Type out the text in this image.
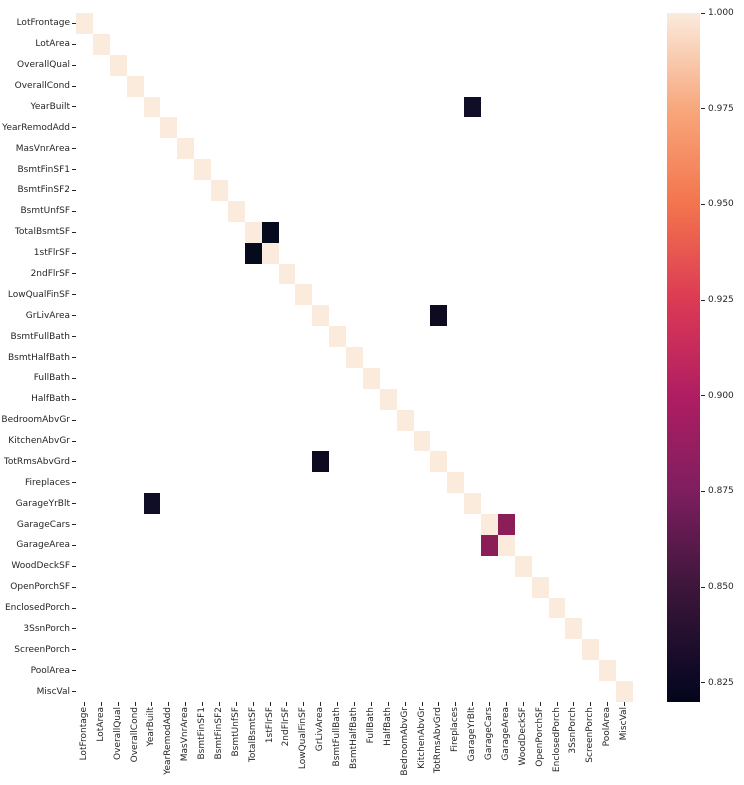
LotFrontage
LotArea
OverallQual
OverallCond
YearBuilt
YearRemodAdd
MasVnrArea
BsmtFinSF1
BsmtFinSF2
BsmtUnfSF
TotalBsmtSF
1stFlrSF
2ndFlrSF
LowQualFinSF
GrLivArea
BsmtFullBath
BsmtHalfBath
FullBath
HalfBath
BedroomAbvGr
KitchenAbvGr
TotRmsAbvGrd
Fireplaces
GarageYrBlt
GarageCars
GarageArea
WoodDeckSF
OpenPorchSF
EnclosedPorch
3SsnPorch
ScreenPorch
PoolArea
MiscVal
LotFrontage LotArea OverallQual OverallCond YearBuilt YearRemodAdd MasVnrArea BsmtFinSF1 BsmtFinSF2 BsmtUnfSF TotalBsmtSF 1stFlrSF 2ndFlrSF LowQualFinSF GrLivArea BsmtFullBath BsmtHalfBath FullBath HalfBath BedroomAbvGr KitchenAbvGr TotRmsAbvGrd Fireplaces GarageYrBlt GarageCars GarageArea WoodDeckSF OpenPorchSF EnclosedPorch 3SsnPorch ScreenPorch PoolArea MiscVal
1.000
0.975
0.950
0.925
0.900
0.875
0.850
0.825
